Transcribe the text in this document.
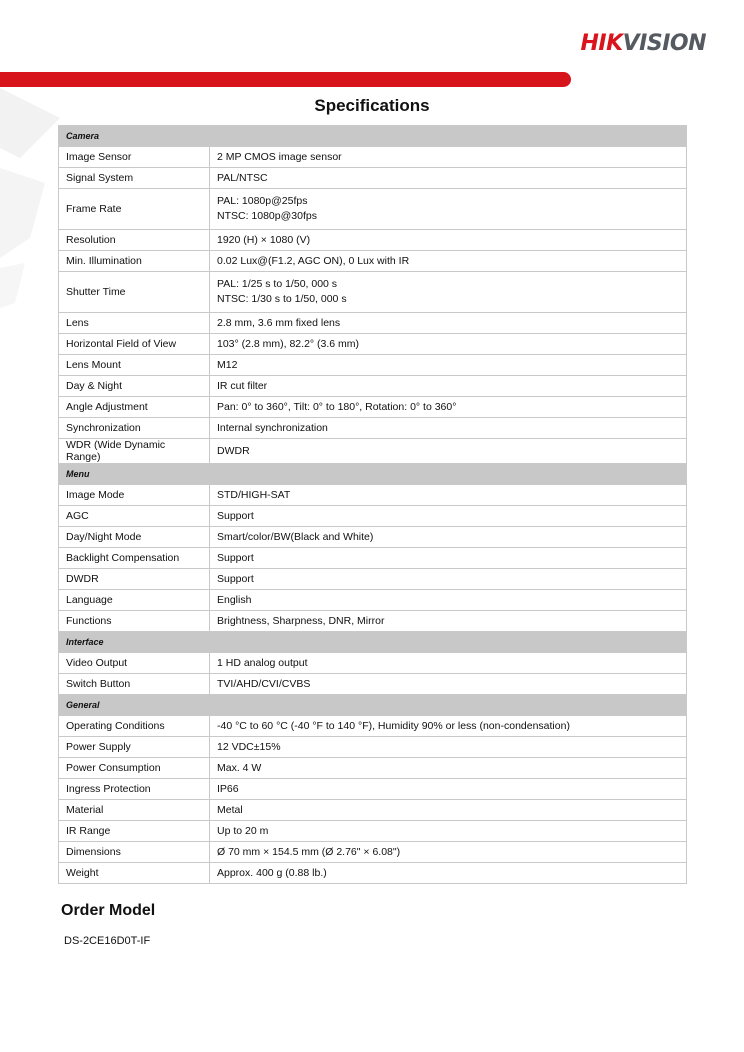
HIKVISION
Specifications
Camera	
Image Sensor	2 MP CMOS image sensor

Signal System	PAL/NTSC

Frame Rate	PAL: 1080p@25fps
NTSC: 1080p@30fps

Resolution	1920 (H) × 1080 (V)

Min. Illumination	0.02 Lux@(F1.2, AGC ON), 0 Lux with IR

Shutter Time	PAL: 1/25 s to 1/50, 000 s
NTSC: 1/30 s to 1/50, 000 s

Lens	2.8 mm, 3.6 mm fixed lens

Horizontal Field of View	103° (2.8 mm), 82.2° (3.6 mm)

Lens Mount	M12

Day & Night	IR cut filter

Angle Adjustment	Pan: 0° to 360°, Tilt: 0° to 180°, Rotation: 0° to 360°

Synchronization	Internal synchronization

WDR (Wide Dynamic Range)	DWDR

Menu	
Image Mode	STD/HIGH-SAT

AGC	Support

Day/Night Mode	Smart/color/BW(Black and White)

Backlight Compensation	Support

DWDR	Support

Language	English

Functions	Brightness, Sharpness, DNR, Mirror

Interface	
Video Output	1 HD analog output

Switch Button	TVI/AHD/CVI/CVBS

General	
Operating Conditions	-40 °C to 60 °C (-40 °F to 140 °F), Humidity 90% or less (non-condensation)

Power Supply	12 VDC±15%

Power Consumption	Max. 4 W

Ingress Protection	IP66

Material	Metal

IR Range	Up to 20 m

Dimensions	Ø 70 mm × 154.5 mm (Ø 2.76" × 6.08")

Weight	Approx. 400 g (0.88 lb.)
Order Model
DS-2CE16D0T-IF
